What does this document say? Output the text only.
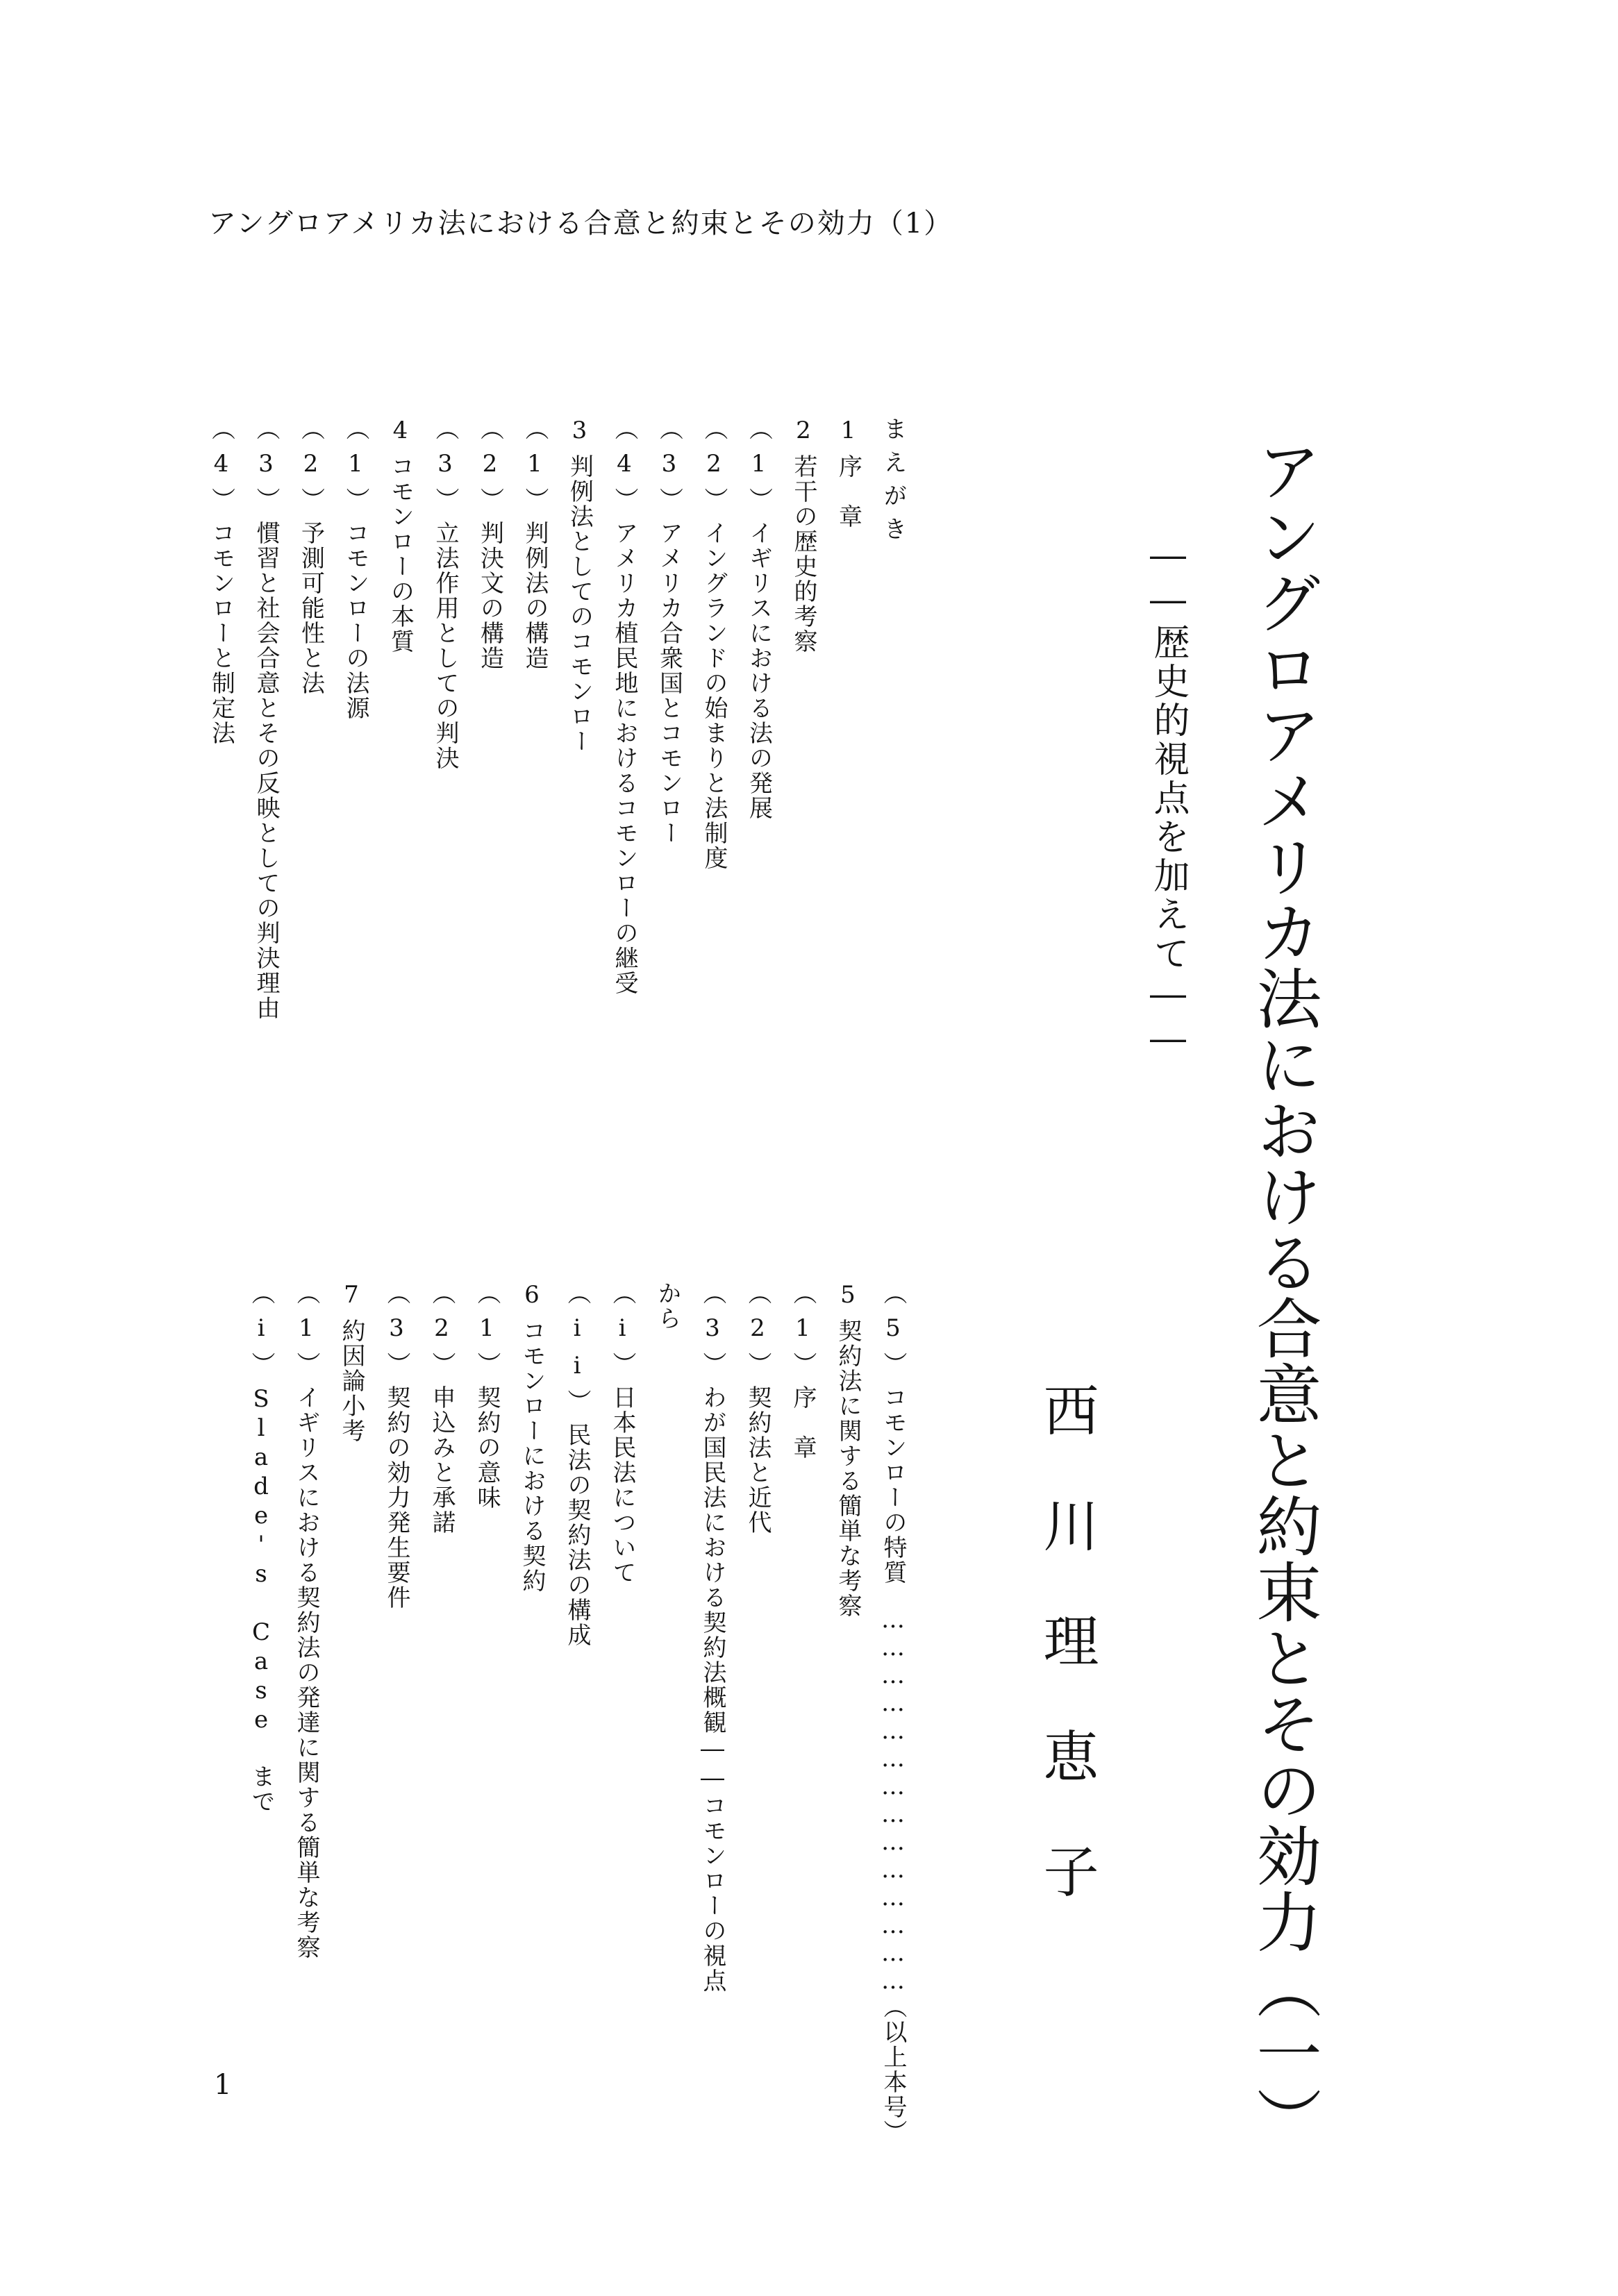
アングロアメリカ法における合意と約束とその効力（1）
アングロアメリカ法における合意と約束とその効力（一）
――歴史的視点を加えて――
西川理恵子
まえがき
1序　章
2若干の歴史的考察
（1）イギリスにおける法の発展
（2）イングランドの始まりと法制度
（3）アメリカ合衆国とコモンロー
（4）アメリカ植民地におけるコモンローの継受
3判例法としてのコモンロー
（1）判例法の構造
（2）判決文の構造
（3）立法作用としての判決
4コモンローの本質
（1）コモンローの法源
（2）予測可能性と法
（3）慣習と社会合意とその反映としての判決理由
（4）コモンローと制定法
（5）コモンローの特質……………………………………（以上本号）
5契約法に関する簡単な考察
（1）序　章
（2）契約法と近代
（3）わが国民法における契約法概観――コモンローの視点
から
（i）日本民法について
（ii）民法の契約法の構成
6コモンローにおける契約
（1）契約の意味
（2）申込みと承諾
（3）契約の効力発生要件
7約因論小考
（1）イギリスにおける契約法の発達に関する簡単な考察
（i）Slade's Case まで
1
